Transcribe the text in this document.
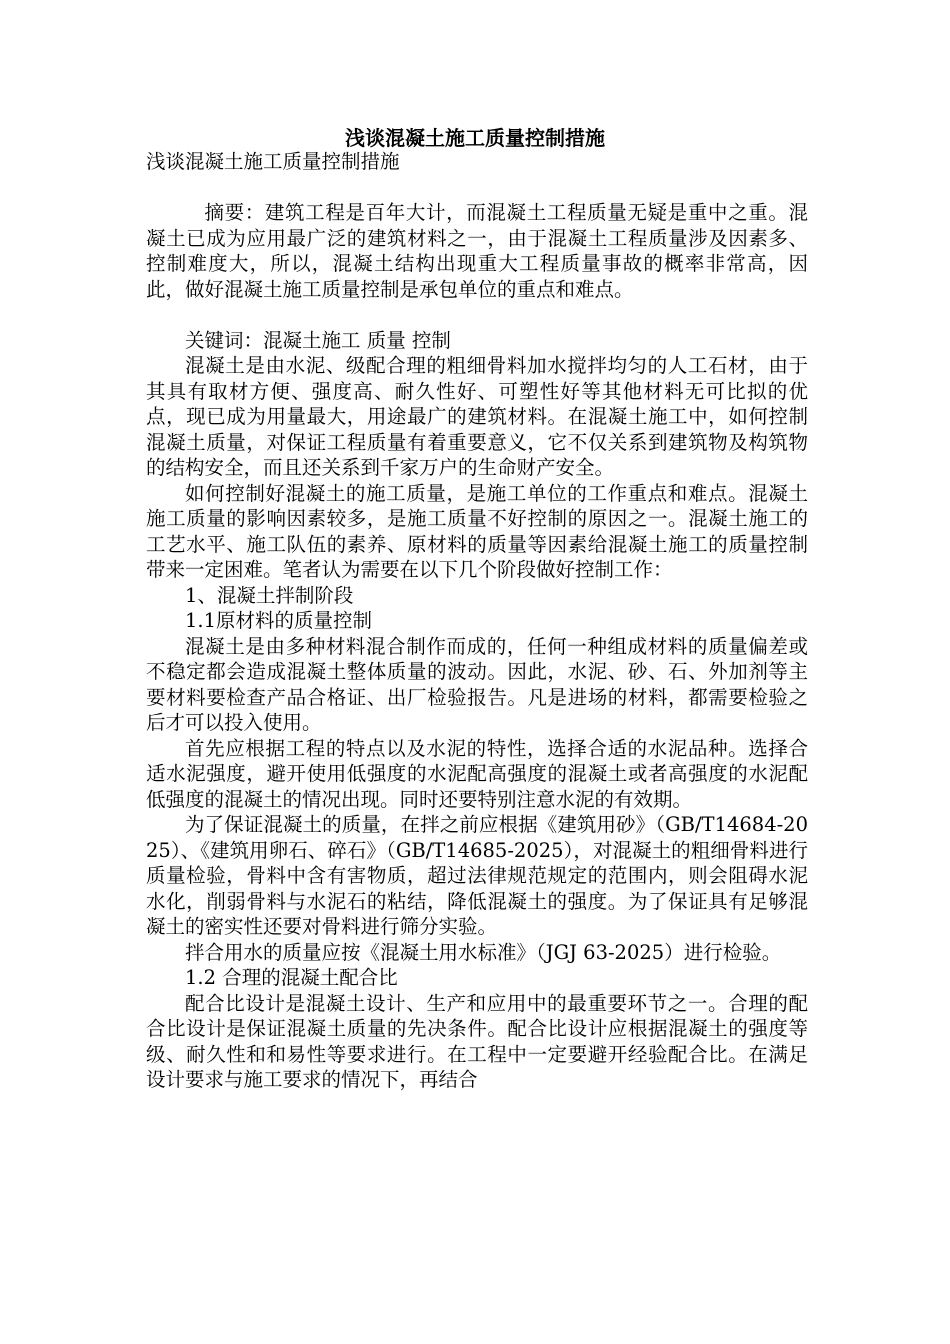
浅谈混凝土施工质量控制措施

浅谈混凝土施工质量控制措施

摘要：建筑工程是百年大计，而混凝土工程质量无疑是重中之重。混凝土已成为应用最广泛的建筑材料之一，由于混凝土工程质量涉及因素多、控制难度大，所以，混凝土结构出现重大工程质量事故的概率非常高，因此，做好混凝土施工质量控制是承包单位的重点和难点。

关键词：混凝土施工 质量 控制

混凝土是由水泥、级配合理的粗细骨料加水搅拌均匀的人工石材，由于其具有取材方便、强度高、耐久性好、可塑性好等其他材料无可比拟的优点，现已成为用量最大，用途最广的建筑材料。在混凝土施工中，如何控制混凝土质量，对保证工程质量有着重要意义，它不仅关系到建筑物及构筑物的结构安全，而且还关系到千家万户的生命财产安全。

如何控制好混凝土的施工质量，是施工单位的工作重点和难点。混凝土施工质量的影响因素较多，是施工质量不好控制的原因之一。混凝土施工的工艺水平、施工队伍的素养、原材料的质量等因素给混凝土施工的质量控制带来一定困难。笔者认为需要在以下几个阶段做好控制工作：

1、混凝土拌制阶段

1.1原材料的质量控制

混凝土是由多种材料混合制作而成的，任何一种组成材料的质量偏差或不稳定都会造成混凝土整体质量的波动。因此，水泥、砂、石、外加剂等主要材料要检查产品合格证、出厂检验报告。凡是进场的材料，都需要检验之后才可以投入使用。

首先应根据工程的特点以及水泥的特性，选择合适的水泥品种。选择合适水泥强度，避开使用低强度的水泥配高强度的混凝土或者高强度的水泥配低强度的混凝土的情况出现。同时还要特别注意水泥的有效期。

为了保证混凝土的质量，在拌之前应根据《建筑用砂》（GB/T14684-2025）、《建筑用卵石、碎石》（GB/T14685-2025），对混凝土的粗细骨料进行质量检验，骨料中含有害物质，超过法律规范规定的范围内，则会阻碍水泥水化，削弱骨料与水泥石的粘结，降低混凝土的强度。为了保证具有足够混凝土的密实性还要对骨料进行筛分实验。

拌合用水的质量应按《混凝土用水标准》（JGJ 63-2025）进行检验。

1.2 合理的混凝土配合比

配合比设计是混凝土设计、生产和应用中的最重要环节之一。合理的配合比设计是保证混凝土质量的先决条件。配合比设计应根据混凝土的强度等级、耐久性和和易性等要求进行。在工程中一定要避开经验配合比。在满足设计要求与施工要求的情况下，再结合
